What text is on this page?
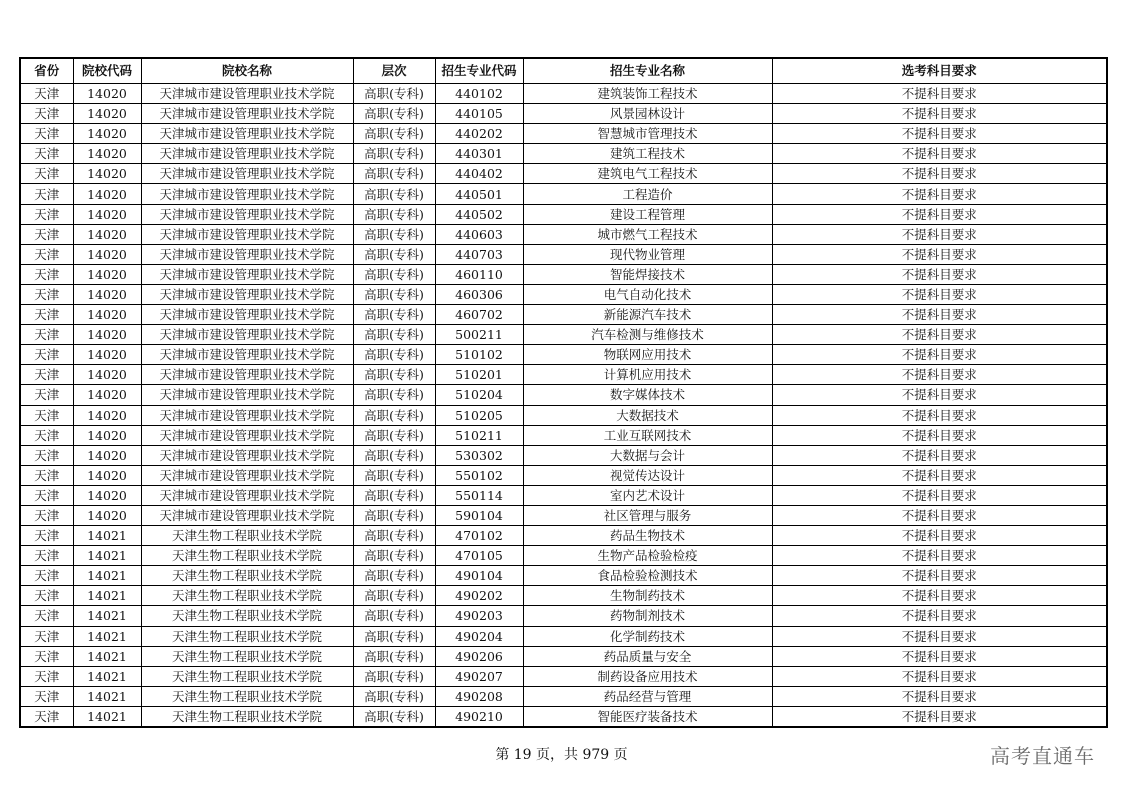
省份	院校代码	院校名称	层次	招生专业代码	招生专业名称	选考科目要求
天津	14020	天津城市建设管理职业技术学院	高职(专科)	440102	建筑装饰工程技术	不提科目要求
天津	14020	天津城市建设管理职业技术学院	高职(专科)	440105	风景园林设计	不提科目要求
天津	14020	天津城市建设管理职业技术学院	高职(专科)	440202	智慧城市管理技术	不提科目要求
天津	14020	天津城市建设管理职业技术学院	高职(专科)	440301	建筑工程技术	不提科目要求
天津	14020	天津城市建设管理职业技术学院	高职(专科)	440402	建筑电气工程技术	不提科目要求
天津	14020	天津城市建设管理职业技术学院	高职(专科)	440501	工程造价	不提科目要求
天津	14020	天津城市建设管理职业技术学院	高职(专科)	440502	建设工程管理	不提科目要求
天津	14020	天津城市建设管理职业技术学院	高职(专科)	440603	城市燃气工程技术	不提科目要求
天津	14020	天津城市建设管理职业技术学院	高职(专科)	440703	现代物业管理	不提科目要求
天津	14020	天津城市建设管理职业技术学院	高职(专科)	460110	智能焊接技术	不提科目要求
天津	14020	天津城市建设管理职业技术学院	高职(专科)	460306	电气自动化技术	不提科目要求
天津	14020	天津城市建设管理职业技术学院	高职(专科)	460702	新能源汽车技术	不提科目要求
天津	14020	天津城市建设管理职业技术学院	高职(专科)	500211	汽车检测与维修技术	不提科目要求
天津	14020	天津城市建设管理职业技术学院	高职(专科)	510102	物联网应用技术	不提科目要求
天津	14020	天津城市建设管理职业技术学院	高职(专科)	510201	计算机应用技术	不提科目要求
天津	14020	天津城市建设管理职业技术学院	高职(专科)	510204	数字媒体技术	不提科目要求
天津	14020	天津城市建设管理职业技术学院	高职(专科)	510205	大数据技术	不提科目要求
天津	14020	天津城市建设管理职业技术学院	高职(专科)	510211	工业互联网技术	不提科目要求
天津	14020	天津城市建设管理职业技术学院	高职(专科)	530302	大数据与会计	不提科目要求
天津	14020	天津城市建设管理职业技术学院	高职(专科)	550102	视觉传达设计	不提科目要求
天津	14020	天津城市建设管理职业技术学院	高职(专科)	550114	室内艺术设计	不提科目要求
天津	14020	天津城市建设管理职业技术学院	高职(专科)	590104	社区管理与服务	不提科目要求
天津	14021	天津生物工程职业技术学院	高职(专科)	470102	药品生物技术	不提科目要求
天津	14021	天津生物工程职业技术学院	高职(专科)	470105	生物产品检验检疫	不提科目要求
天津	14021	天津生物工程职业技术学院	高职(专科)	490104	食品检验检测技术	不提科目要求
天津	14021	天津生物工程职业技术学院	高职(专科)	490202	生物制药技术	不提科目要求
天津	14021	天津生物工程职业技术学院	高职(专科)	490203	药物制剂技术	不提科目要求
天津	14021	天津生物工程职业技术学院	高职(专科)	490204	化学制药技术	不提科目要求
天津	14021	天津生物工程职业技术学院	高职(专科)	490206	药品质量与安全	不提科目要求
天津	14021	天津生物工程职业技术学院	高职(专科)	490207	制药设备应用技术	不提科目要求
天津	14021	天津生物工程职业技术学院	高职(专科)	490208	药品经营与管理	不提科目要求
天津	14021	天津生物工程职业技术学院	高职(专科)	490210	智能医疗装备技术	不提科目要求
第 19 页，共 979 页	高考直通车
